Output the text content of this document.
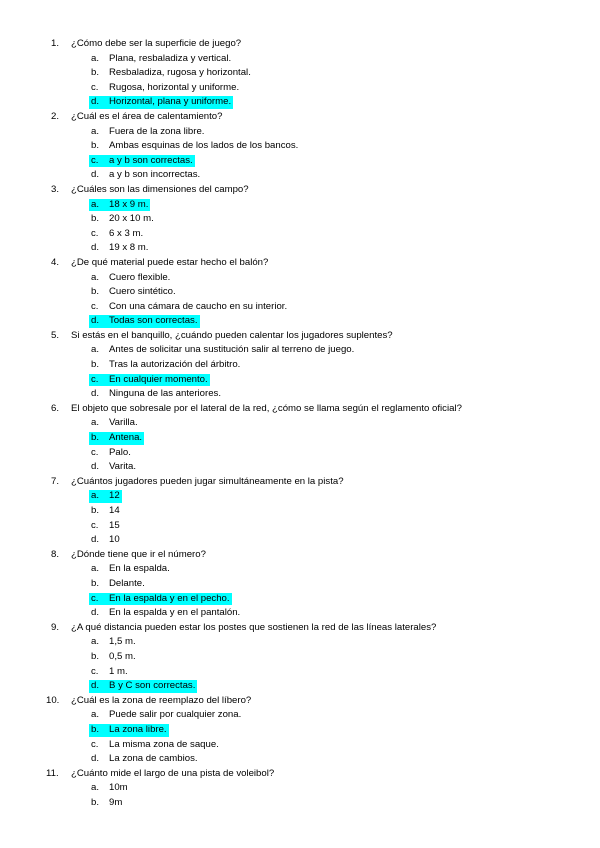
1. ¿Cómo debe ser la superficie de juego?
a. Plana, resbaladiza y vertical.
b. Resbaladiza, rugosa y horizontal.
c. Rugosa, horizontal y uniforme.
d. Horizontal, plana y uniforme.
2. ¿Cuál es el área de calentamiento?
a. Fuera de la zona libre.
b. Ambas esquinas de los lados de los bancos.
c. a y b son correctas.
d. a y b son incorrectas.
3. ¿Cuáles son las dimensiones del campo?
a. 18 x 9 m.
b. 20 x 10 m.
c. 6 x 3 m.
d. 19 x 8 m.
4. ¿De qué material puede estar hecho el balón?
a. Cuero flexible.
b. Cuero sintético.
c. Con una cámara de caucho en su interior.
d. Todas son correctas.
5. Si estás en el banquillo, ¿cuándo pueden calentar los jugadores suplentes?
a. Antes de solicitar una sustitución salir al terreno de juego.
b. Tras la autorización del árbitro.
c. En cualquier momento.
d. Ninguna de las anteriores.
6. El objeto que sobresale por el lateral de la red, ¿cómo se llama según el reglamento oficial?
a. Varilla.
b. Antena.
c. Palo.
d. Varita.
7. ¿Cuántos jugadores pueden jugar simultáneamente en la pista?
a. 12
b. 14
c. 15
d. 10
8. ¿Dónde tiene que ir el número?
a. En la espalda.
b. Delante.
c. En la espalda y en el pecho.
d. En la espalda y en el pantalón.
9. ¿A qué distancia pueden estar los postes que sostienen la red de las líneas laterales?
a. 1,5 m.
b. 0,5 m.
c. 1 m.
d. B y C son correctas.
10. ¿Cuál es la zona de reemplazo del líbero?
a. Puede salir por cualquier zona.
b. La zona libre.
c. La misma zona de saque.
d. La zona de cambios.
11. ¿Cuánto mide el largo de una pista de voleibol?
a. 10m
b. 9m
